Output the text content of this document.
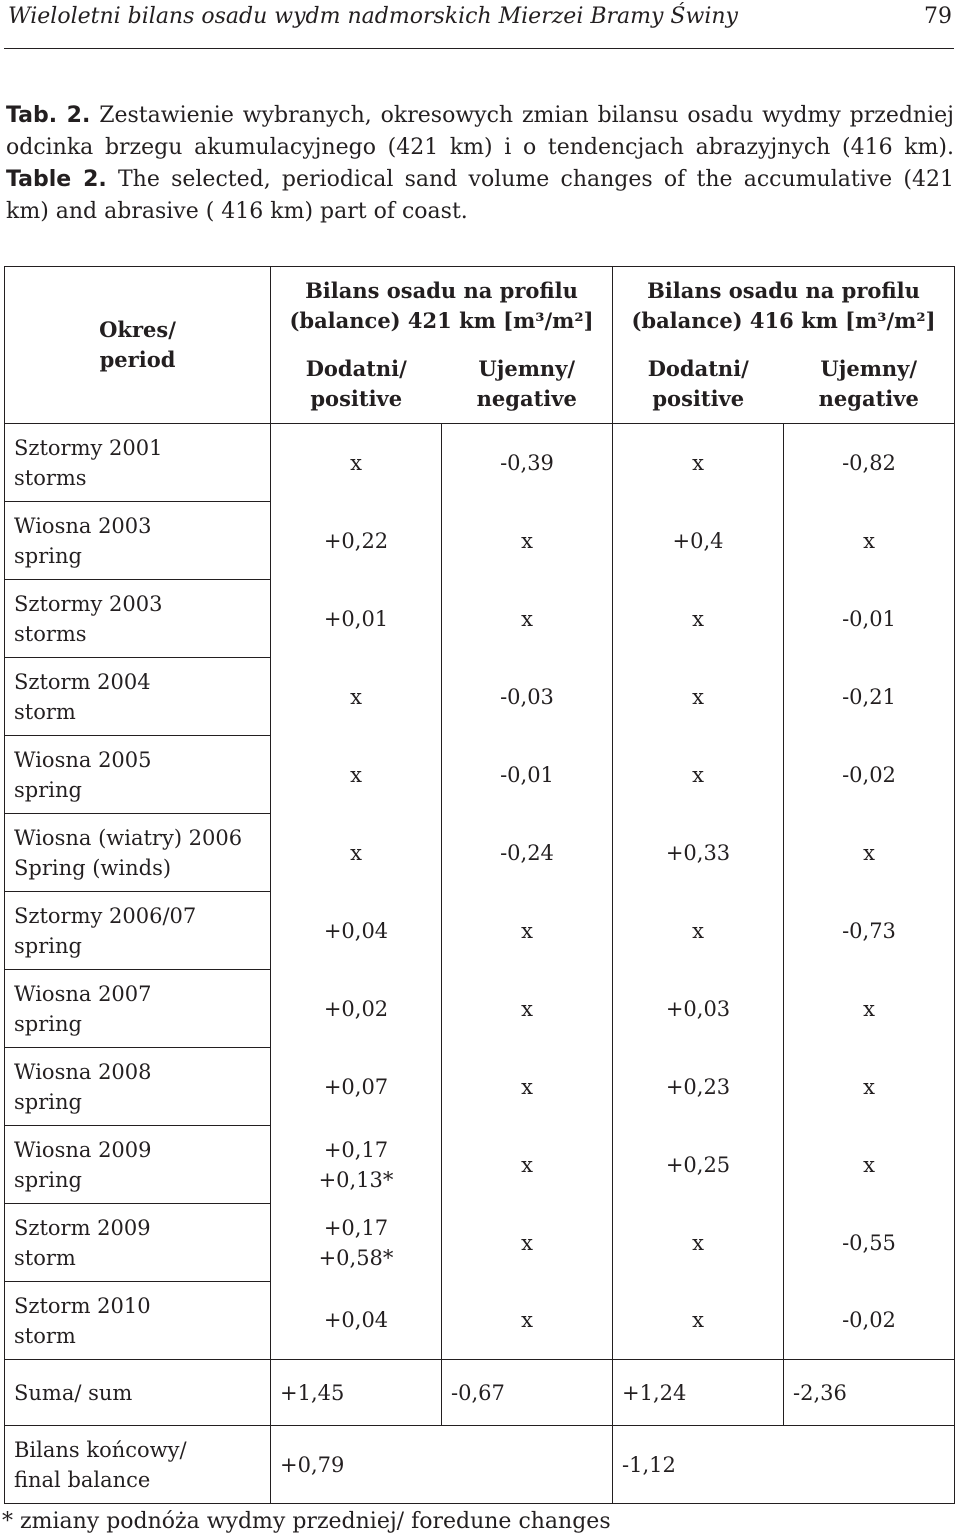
Wieloletni bilans osadu wydm nadmorskich Mierzei Bramy Świny	79
Tab. 2. Zestawienie wybranych, okresowych zmian bilansu osadu wydmy przedniej odcinka brzegu akumulacyjnego (421 km) i o tendencjach abrazyjnych (416 km). Table 2. The selected, periodical sand volume changes of the accumulative (421 km) and abrasive ( 416 km) part of coast.
Okres/
period	Bilans osadu na profilu
(balance) 421 km [m³/m²]		Bilans osadu na profilu
(balance) 416 km [m³/m²]	

	Dodatni/
positive	Ujemny/
negative	Dodatni/
positive	Ujemny/
negative

Sztormy 2001
storms	x	-0,39	x	-0,82

Wiosna 2003
spring	+0,22	x	+0,4	x

Sztormy 2003
storms	+0,01	x	x	-0,01

Sztorm 2004
storm	x	-0,03	x	-0,21

Wiosna 2005
spring	x	-0,01	x	-0,02

Wiosna (wiatry) 2006
Spring (winds)	x	-0,24	+0,33	x

Sztormy 2006/07
spring	+0,04	x	x	-0,73

Wiosna 2007
spring	+0,02	x	+0,03	x

Wiosna 2008
spring	+0,07	x	+0,23	x

Wiosna 2009
spring	+0,17
+0,13*	x	+0,25	x

Sztorm 2009
storm	+0,17
+0,58*	x	x	-0,55

Sztorm 2010
storm	+0,04	x	x	-0,02

Suma/ sum	+1,45	-0,67	+1,24	-2,36

Bilans końcowy/
final balance	+0,79		-1,12	
* zmiany podnóża wydmy przedniej/ foredune changes
